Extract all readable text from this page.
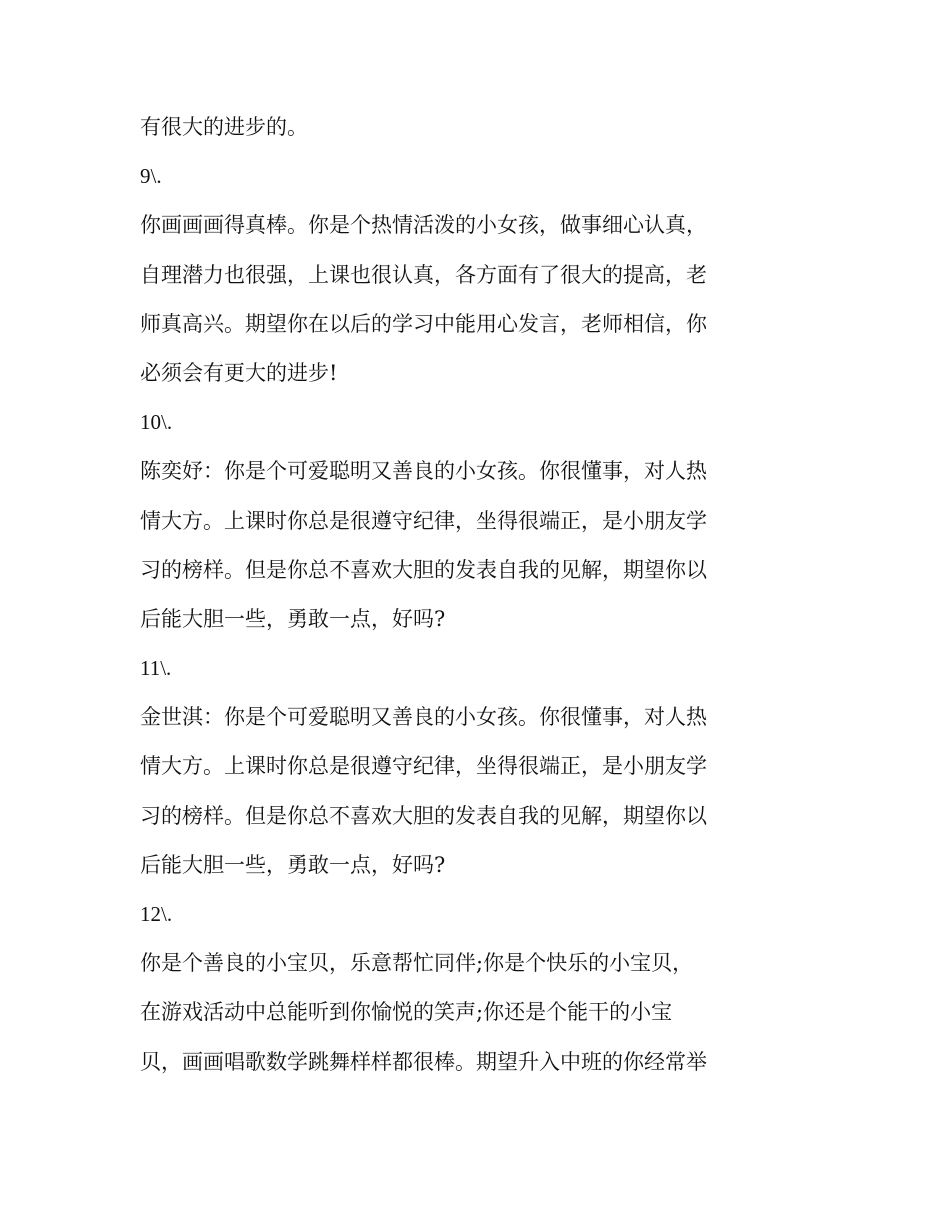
有很大的进步的。
9\.
你画画画得真棒。你是个热情活泼的小女孩，做事细心认真，
自理潜力也很强，上课也很认真，各方面有了很大的提高，老
师真高兴。期望你在以后的学习中能用心发言，老师相信，你
必须会有更大的进步!
10\.
陈奕妤：你是个可爱聪明又善良的小女孩。你很懂事，对人热
情大方。上课时你总是很遵守纪律，坐得很端正，是小朋友学
习的榜样。但是你总不喜欢大胆的发表自我的见解，期望你以
后能大胆一些，勇敢一点，好吗?
11\.
金世淇：你是个可爱聪明又善良的小女孩。你很懂事，对人热
情大方。上课时你总是很遵守纪律，坐得很端正，是小朋友学
习的榜样。但是你总不喜欢大胆的发表自我的见解，期望你以
后能大胆一些，勇敢一点，好吗?
12\.
你是个善良的小宝贝，乐意帮忙同伴;你是个快乐的小宝贝，
在游戏活动中总能听到你愉悦的笑声;你还是个能干的小宝
贝，画画唱歌数学跳舞样样都很棒。期望升入中班的你经常举
